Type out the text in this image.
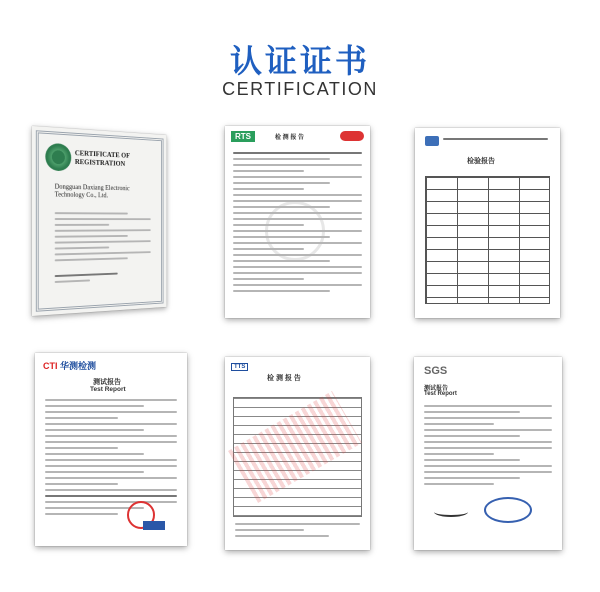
认证证书
CERTIFICATION
CERTIFICATE OF REGISTRATION
Dongguan Daxiang Electronic Technology Co., Ltd.
RTS	检 测 报 告
检验报告
CTI 华测检测
测试报告
Test Report
TTS
检 测 报 告
SGS
测试报告
Test Report
